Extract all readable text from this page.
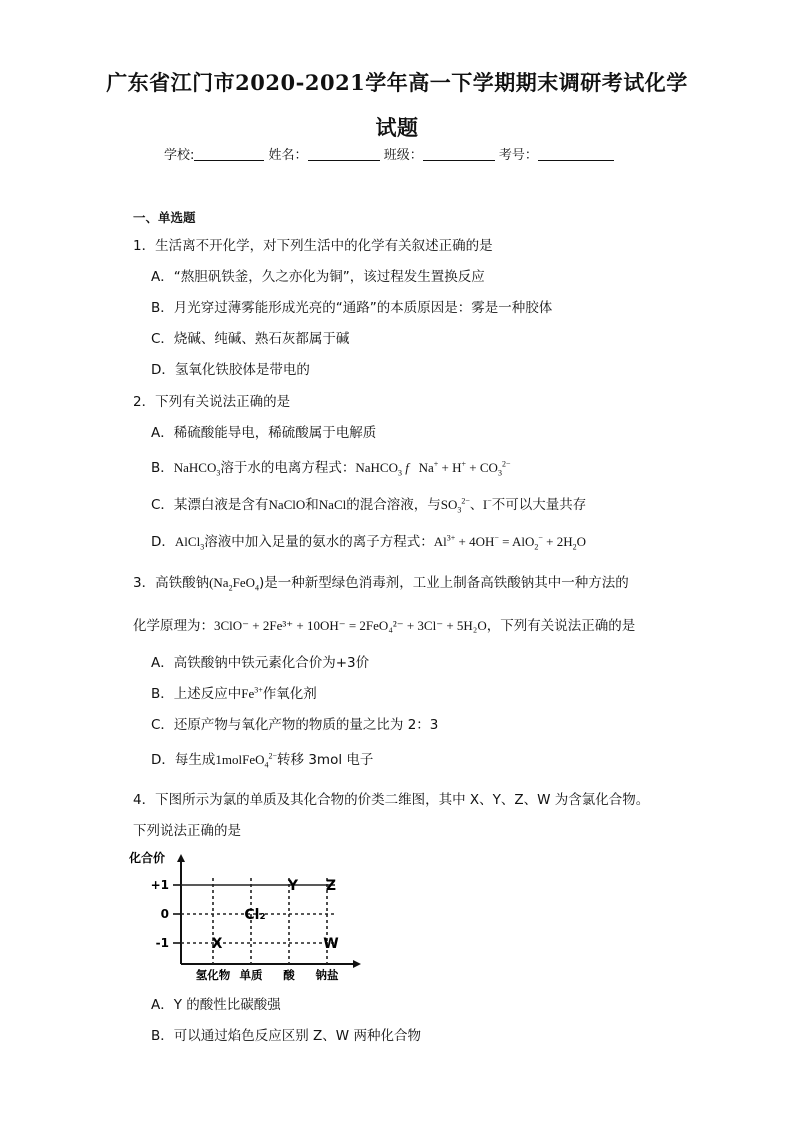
广东省江门市2020-2021学年高一下学期期末调研考试化学
试题
学校:	姓名：	班级：	考号：
一、单选题
1．生活离不开化学，对下列生活中的化学有关叙述正确的是
A．“熬胆矾铁釜，久之亦化为铜”，该过程发生置换反应
B．月光穿过薄雾能形成光亮的“通路”的本质原因是：雾是一种胶体
C．烧碱、纯碱、熟石灰都属于碱
D．氢氧化铁胶体是带电的
2．下列有关说法正确的是
A．稀硫酸能导电，稀硫酸属于电解质
B．NaHCO$_3$溶于水的电离方程式：NaHCO$_3$ f $Na^+ + H^+ + CO_3^{2-}$
C．某漂白液是含有NaClO和NaCl的混合溶液，与$SO_3^{2-}$、I−不可以大量共存
D．AlCl$_3$溶液中加入足量的氨水的离子方程式：$Al^{3+} + 4OH^- = AlO_2^- + 2H_2O$
3．高铁酸钠$(Na_2FeO_4)$是一种新型绿色消毒剂，工业上制备高铁酸钠其中一种方法的
化学原理为：3ClO⁻ + 2Fe³⁺ + 10OH⁻ = 2FeO₄²⁻ + 3Cl⁻ + 5H₂O，下列有关说法正确的是
A．高铁酸钠中铁元素化合价为+3价
B．上述反应中$Fe^{3+}$作氧化剂
C．还原产物与氧化产物的物质的量之比为 2：3
D．每生成1molFeO$_4^{2-}$转移 3mol 电子
4．下图所示为氯的单质及其化合物的价类二维图，其中 X、Y、Z、W 为含氯化合物。
下列说法正确的是
+1
0
-1
氢化物 单质 酸 钠盐
化合价
X
Cl₂
Y Z
W
A．Y 的酸性比碳酸强
B．可以通过焰色反应区别 Z、W 两种化合物
